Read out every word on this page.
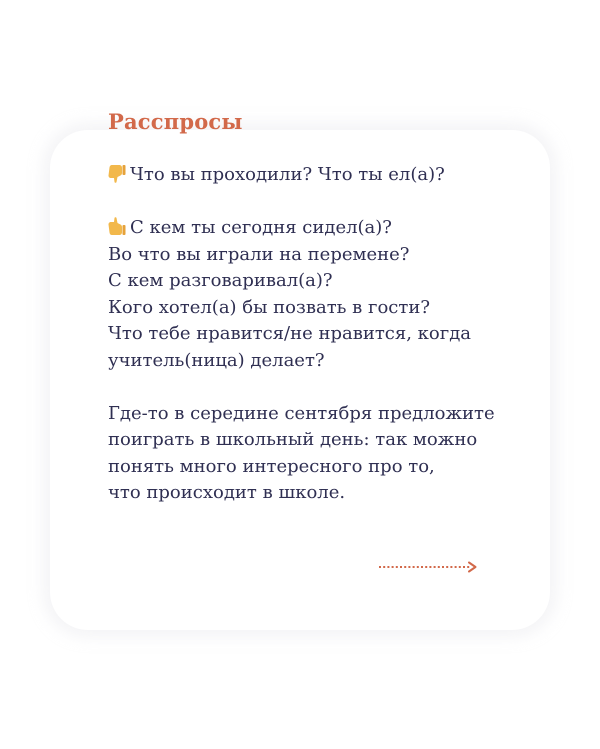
Расспросы
Что вы проходили? Что ты ел(а)?
С кем ты сегодня сидел(а)?
Во что вы играли на перемене?
С кем разговаривал(а)?
Кого хотел(а) бы позвать в гости?
Что тебе нравится/не нравится, когда
учитель(ница) делает?
Где-то в середине сентября предложите
поиграть в школьный день: так можно
понять много интересного про то,
что происходит в школе.
